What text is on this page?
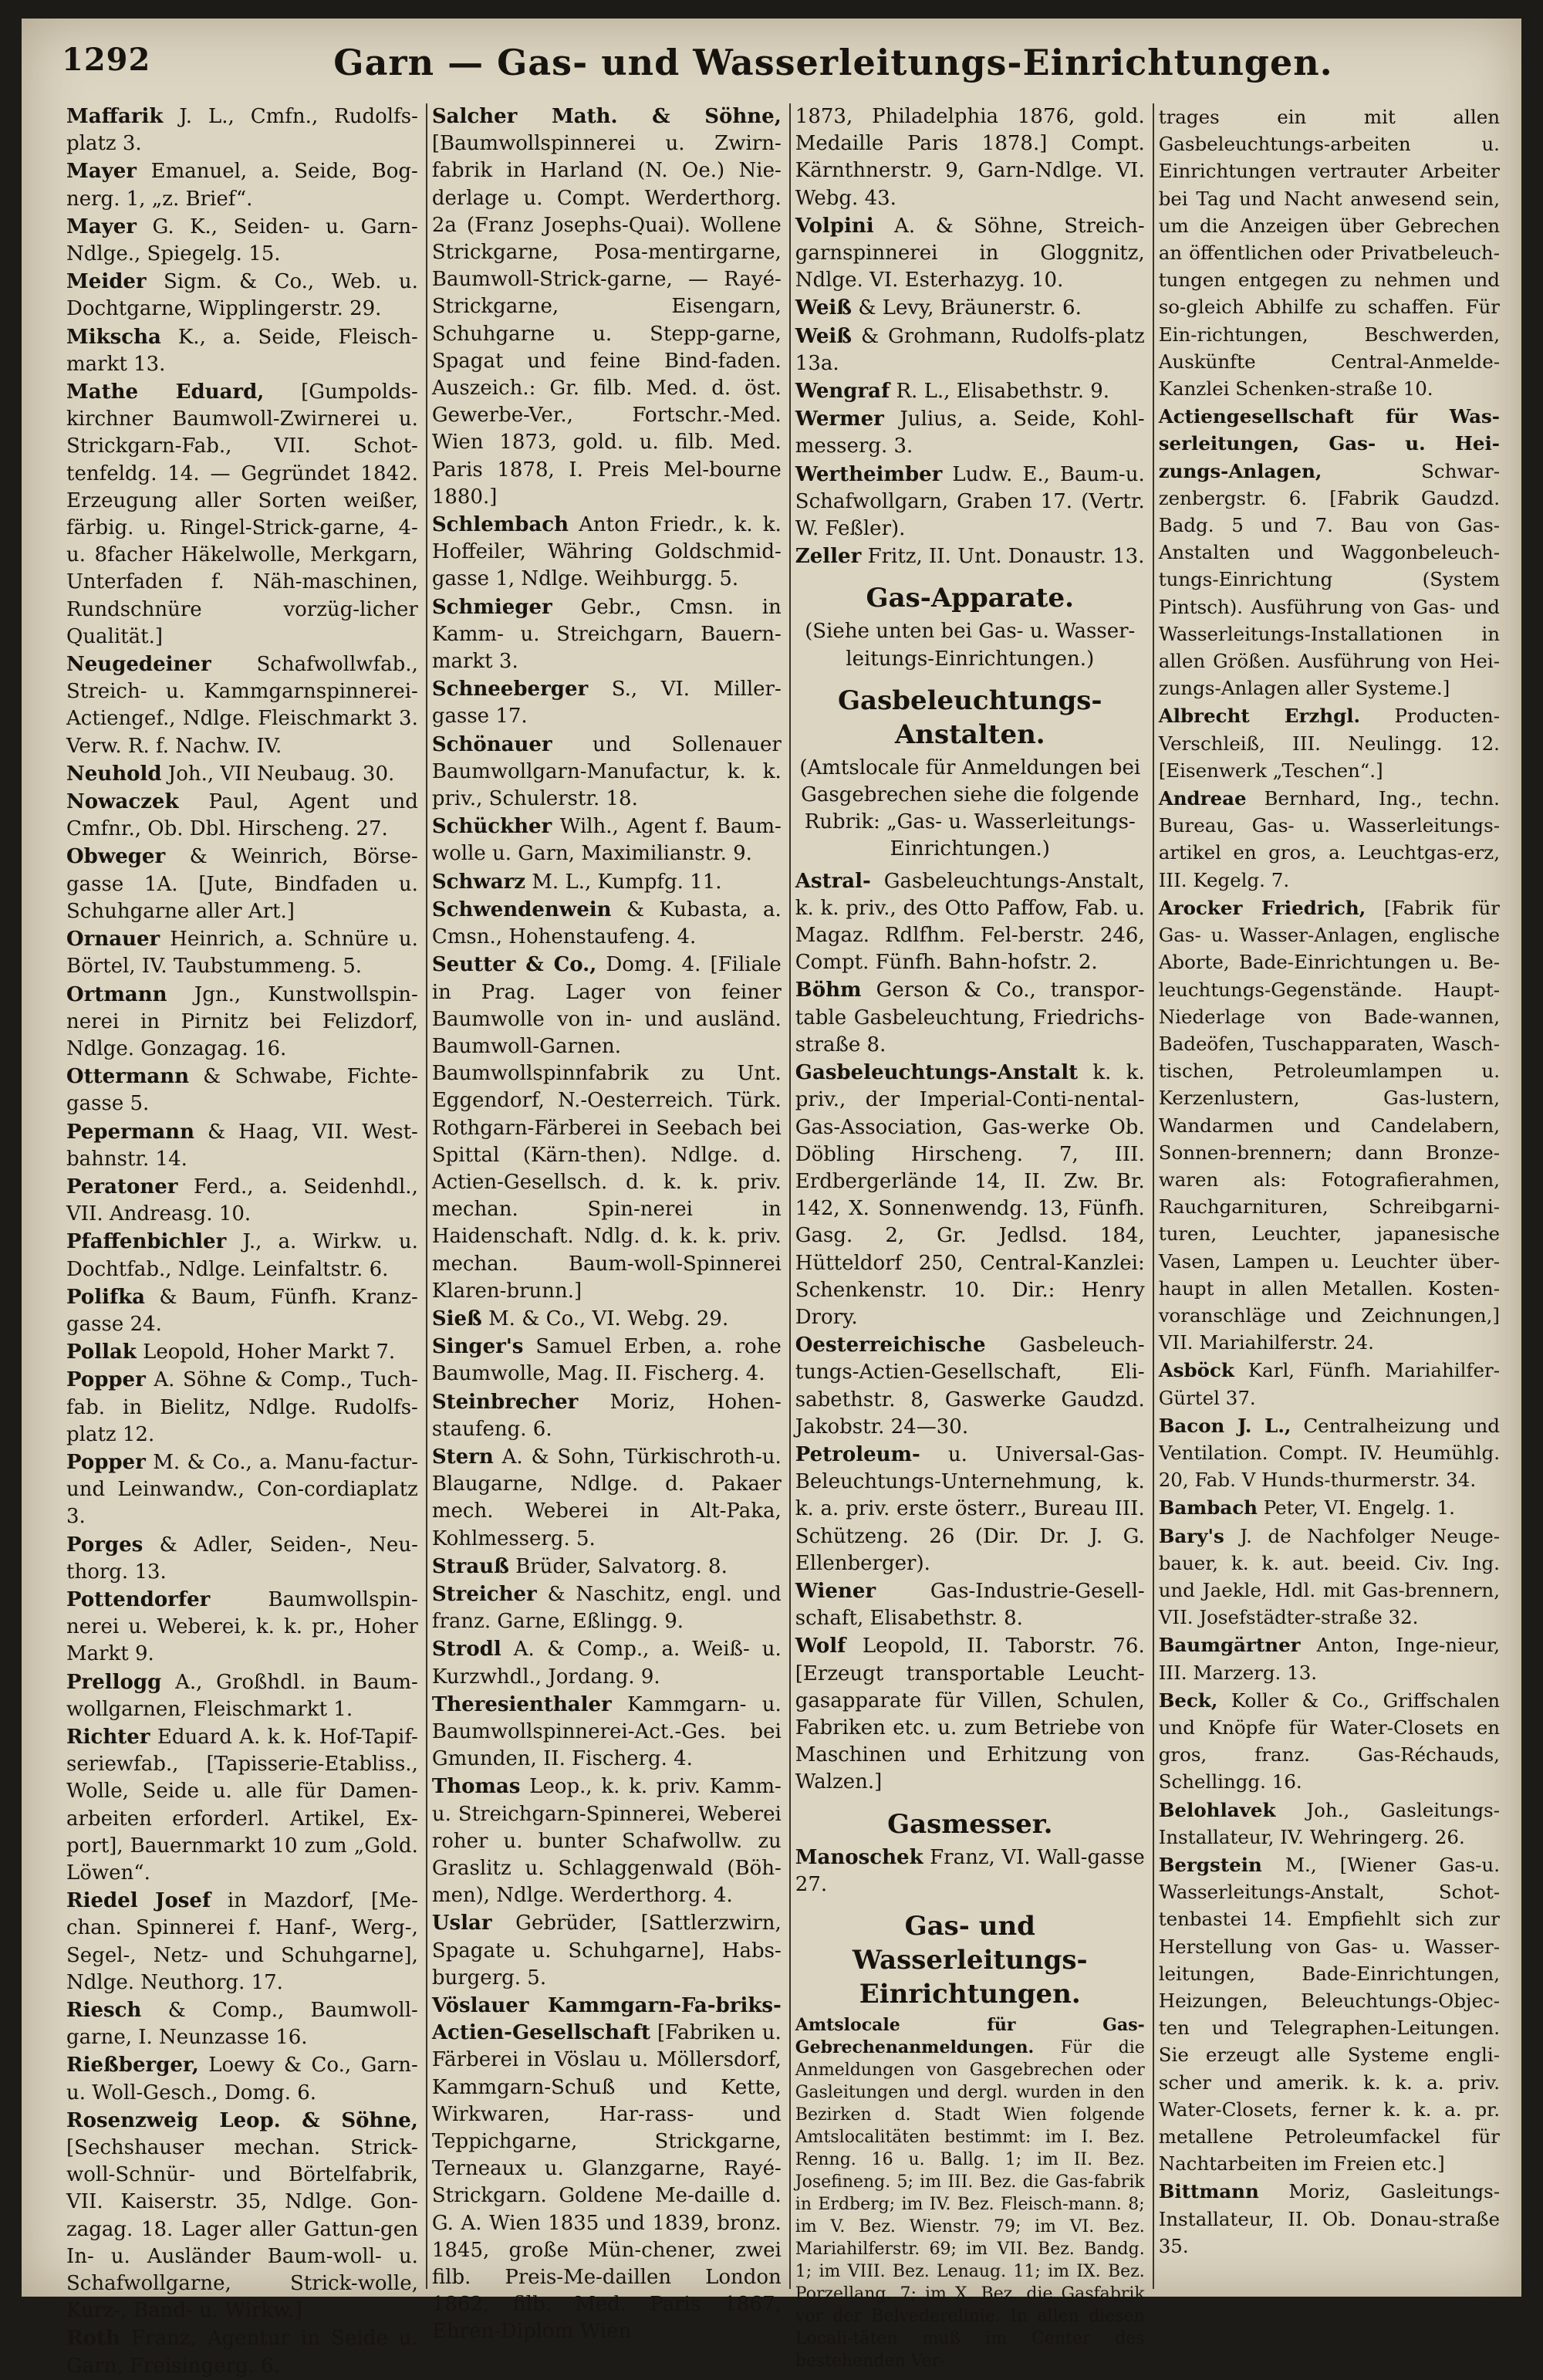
1292	Garn — Gas- und Wasserleitungs-Einrichtungen.
Maffarik J. L., Cmfn., Rudolfs-platz 3.
Mayer Emanuel, a. Seide, Bog-nerg. 1, „z. Brief“.
Mayer G. K., Seiden- u. Garn-Ndlge., Spiegelg. 15.
Meider Sigm. & Co., Web. u. Dochtgarne, Wipplingerstr. 29.
Mikscha K., a. Seide, Fleisch-markt 13.
Mathe Eduard, [Gumpolds-kirchner Baumwoll-Zwirnerei u. Strickgarn-Fab., VII. Schot-tenfeldg. 14. — Gegründet 1842. Erzeugung aller Sorten weißer, färbig. u. Ringel-Strick-garne, 4- u. 8facher Häkelwolle, Merkgarn, Unterfaden f. Näh-maschinen, Rundschnüre vorzüg-licher Qualität.]
Neugedeiner Schafwollwfab., Streich- u. Kammgarnspinnerei-Actiengef., Ndlge. Fleischmarkt 3. Verw. R. f. Nachw. IV.
Neuhold Joh., VII Neubaug. 30.
Nowaczek Paul, Agent und Cmfnr., Ob. Dbl. Hirscheng. 27.
Obweger & Weinrich, Börse-gasse 1A. [Jute, Bindfaden u. Schuhgarne aller Art.]
Ornauer Heinrich, a. Schnüre u. Börtel, IV. Taubstummeng. 5.
Ortmann Jgn., Kunstwollspin-nerei in Pirnitz bei Felizdorf, Ndlge. Gonzagag. 16.
Ottermann & Schwabe, Fichte-gasse 5.
Pepermann & Haag, VII. West-bahnstr. 14.
Peratoner Ferd., a. Seidenhdl., VII. Andreasg. 10.
Pfaffenbichler J., a. Wirkw. u. Dochtfab., Ndlge. Leinfaltstr. 6.
Polifka & Baum, Fünfh. Kranz-gasse 24.
Pollak Leopold, Hoher Markt 7.
Popper A. Söhne & Comp., Tuch-fab. in Bielitz, Ndlge. Rudolfs-platz 12.
Popper M. & Co., a. Manu-factur- und Leinwandw., Con-cordiaplatz 3.
Porges & Adler, Seiden-, Neu-thorg. 13.
Pottendorfer	Baumwollspin-nerei u. Weberei, k. k. pr., Hoher Markt 9.
Prellogg A., Großhdl. in Baum-wollgarnen, Fleischmarkt 1.
Richter Eduard A. k. k. Hof-Tapif-seriewfab., [Tapisserie-Etabliss., Wolle, Seide u. alle für Damen-arbeiten erforderl. Artikel, Ex-port], Bauernmarkt 10 zum „Gold. Löwen“.
Riedel Josef in Mazdorf, [Me-chan. Spinnerei f. Hanf-, Werg-, Segel-, Netz- und Schuhgarne], Ndlge. Neuthorg. 17.
Riesch & Comp., Baumwoll-garne, I. Neunzasse 16.
Rießberger, Loewy & Co., Garn- u. Woll-Gesch., Domg. 6.
Rosenzweig Leop. & Söhne, [Sechshauser mechan. Strick-woll-Schnür- und Börtelfabrik, VII. Kaiserstr. 35, Ndlge. Gon-zagag. 18. Lager aller Gattun-gen In- u. Ausländer Baum-woll- u. Schafwollgarne, Strick-wolle, Kurz-, Band- u. Wirkw.]
Roth Franz, Agentur in Seide u. Garn, Freisingerg. 6.
Salcher Math. & Söhne, [Baumwollspinnerei u. Zwirn-fabrik in Harland (N. Oe.) Nie-derlage u. Compt. Werderthorg. 2a (Franz Josephs-Quai). Wollene Strickgarne, Posa-mentirgarne, Baumwoll-Strick-garne, — Rayé-Strickgarne, Eisengarn, Schuhgarne u. Stepp-garne, Spagat und feine Bind-faden. Auszeich.: Gr. filb. Med. d. öst. Gewerbe-Ver., Fortschr.-Med. Wien 1873, gold. u. filb. Med. Paris 1878, I. Preis Mel-bourne 1880.]
Schlembach Anton Friedr., k. k. Hoffeiler, Währing Goldschmid-gasse 1, Ndlge. Weihburgg. 5.
Schmieger Gebr., Cmsn. in Kamm- u. Streichgarn, Bauern-markt 3.
Schneeberger S., VI. Miller-gasse 17.
Schönauer und Sollenauer Baumwollgarn-Manufactur, k. k. priv., Schulerstr. 18.
Schückher Wilh., Agent f. Baum-wolle u. Garn, Maximilianstr. 9.
Schwarz M. L., Kumpfg. 11.
Schwendenwein & Kubasta, a. Cmsn., Hohenstaufeng. 4.
Seutter & Co., Domg. 4. [Filiale in Prag. Lager von feiner Baumwolle von in- und ausländ. Baumwoll-Garnen. Baumwollspinnfabrik zu Unt. Eggendorf, N.-Oesterreich. Türk. Rothgarn-Färberei in Seebach bei Spittal (Kärn-then). Ndlge. d. Actien-Gesellsch. d. k. k. priv. mechan. Spin-nerei in Haidenschaft. Ndlg. d. k. k. priv. mechan. Baum-woll-Spinnerei Klaren-brunn.]
Sieß M. & Co., VI. Webg. 29.
Singer's Samuel Erben, a. rohe Baumwolle, Mag. II. Fischerg. 4.
Steinbrecher Moriz, Hohen-staufeng. 6.
Stern A. & Sohn, Türkischroth-u. Blaugarne, Ndlge. d. Pakaer mech. Weberei in Alt-Paka, Kohlmesserg. 5.
Strauß Brüder, Salvatorg. 8.
Streicher & Naschitz, engl. und franz. Garne, Eßlingg. 9.
Strodl A. & Comp., a. Weiß- u. Kurzwhdl., Jordang. 9.
Theresienthaler Kammgarn- u. Baumwollspinnerei-Act.-Ges. bei Gmunden, II. Fischerg. 4.
Thomas Leop., k. k. priv. Kamm- u. Streichgarn-Spinnerei, Weberei roher u. bunter Schafwollw. zu Graslitz u. Schlaggenwald (Böh-men), Ndlge. Werderthorg. 4.
Uslar Gebrüder, [Sattlerzwirn, Spagate u. Schuhgarne], Habs-burgerg. 5.
Vöslauer Kammgarn-Fa-briks-Actien-Gesellschaft [Fabriken u. Färberei in Vöslau u. Möllersdorf, Kammgarn-Schuß und Kette, Wirkwaren, Har-rass- und Teppichgarne, Strickgarne, Terneaux u. Glanzgarne, Rayé-Strickgarn. Goldene Me-daille d. G. A. Wien 1835 und 1839, bronz. 1845, große Mün-chener, zwei filb. Preis-Me-daillen London 1862, filb. Med. Paris 1867, Ehren-Diplom Wien
1873, Philadelphia 1876, gold. Medaille Paris 1878.] Compt. Kärnthnerstr. 9, Garn-Ndlge. VI. Webg. 43.
Volpini A. & Söhne, Streich-garnspinnerei in Gloggnitz, Ndlge. VI. Esterhazyg. 10.
Weiß & Levy, Bräunerstr. 6.
Weiß & Grohmann, Rudolfs-platz 13a.
Wengraf R. L., Elisabethstr. 9.
Wermer Julius, a. Seide, Kohl-messerg. 3.
Wertheimber Ludw. E., Baum-u. Schafwollgarn, Graben 17. (Vertr. W. Feßler).
Zeller Fritz, II. Unt. Donaustr. 13.
Gas-Apparate.
(Siehe unten bei Gas- u. Wasser-leitungs-Einrichtungen.)
Gasbeleuchtungs-Anstalten.
(Amtslocale für Anmeldungen bei Gasgebrechen siehe die folgende Rubrik: „Gas- u. Wasserleitungs-Einrichtungen.)
Astral- Gasbeleuchtungs-Anstalt, k. k. priv., des Otto Paffow, Fab. u. Magaz. Rdlfhm. Fel-berstr. 246, Compt. Fünfh. Bahn-hofstr. 2.
Böhm Gerson & Co., transpor-table Gasbeleuchtung, Friedrichs-straße 8.
Gasbeleuchtungs-Anstalt k. k. priv., der Imperial-Conti-nental-Gas-Association, Gas-werke Ob. Döbling Hirscheng. 7, III. Erdbergerlände 14, II. Zw. Br. 142, X. Sonnenwendg. 13, Fünfh. Gasg. 2, Gr. Jedlsd. 184, Hütteldorf 250, Central-Kanzlei: Schenkenstr. 10. Dir.: Henry Drory.
Oesterreichische Gasbeleuch-tungs-Actien-Gesellschaft, Eli-sabethstr. 8, Gaswerke Gaudzd. Jakobstr. 24—30.
Petroleum- u. Universal-Gas-Beleuchtungs-Unternehmung, k. k. a. priv. erste österr., Bureau III. Schützeng. 26 (Dir. Dr. J. G. Ellenberger).
Wiener	Gas-Industrie-Gesell-schaft, Elisabethstr. 8.
Wolf Leopold, II. Taborstr. 76. [Erzeugt transportable Leucht-gasapparate für Villen, Schulen, Fabriken etc. u. zum Betriebe von Maschinen und Erhitzung von Walzen.]
Gasmesser.
Manoschek Franz, VI. Wall-gasse 27.
Gas- und Wasserleitungs-Einrichtungen.
Amtslocale für Gas-Gebrechenanmeldungen. Für die Anmeldungen von Gasgebrechen oder Gasleitungen und dergl. wurden in den Bezirken d. Stadt Wien folgende Amtslocalitäten bestimmt: im I. Bez. Renng. 16 u. Ballg. 1; im II. Bez. Josefineng. 5; im III. Bez. die Gas-fabrik in Erdberg; im IV. Bez. Fleisch-mann. 8; im V. Bez. Wienstr. 79; im VI. Bez. Mariahilferstr. 69; im VII. Bez. Bandg. 1; im VIII. Bez. Lenaug. 11; im IX. Bez. Porzellang. 7; im X. Bez. die Gasfabrik vor der Belvederelinie. In allen diesen Locali-täten muß im Center des bestehenden Ver-
trages ein mit allen Gasbeleuchtungs-arbeiten u. Einrichtungen vertrauter Arbeiter bei Tag und Nacht anwesend sein, um die Anzeigen über Gebrechen an öffentlichen oder Privatbeleuch-tungen entgegen zu nehmen und so-gleich Abhilfe zu schaffen. Für Ein-richtungen, Beschwerden, Auskünfte Central-Anmelde-Kanzlei Schenken-straße 10.
Actiengesellschaft für Was-serleitungen, Gas- u. Hei-zungs-Anlagen,	Schwar-zenbergstr. 6. [Fabrik Gaudzd. Badg. 5 und 7. Bau von Gas-Anstalten und Waggonbeleuch-tungs-Einrichtung (System Pintsch). Ausführung von Gas- und Wasserleitungs-Installationen in allen Größen. Ausführung von Hei-zungs-Anlagen aller Systeme.]
Albrecht Erzhgl. Producten-Verschleiß, III. Neulingg. 12. [Eisenwerk „Teschen“.]
Andreae Bernhard, Ing., techn. Bureau, Gas- u. Wasserleitungs-artikel en gros, a. Leuchtgas-erz, III. Kegelg. 7.
Arocker Friedrich, [Fabrik für Gas- u. Wasser-Anlagen, englische Aborte, Bade-Einrichtungen u. Be-leuchtungs-Gegenstände. Haupt-Niederlage von Bade-wannen, Badeöfen, Tuschapparaten, Wasch-tischen, Petroleumlampen u. Kerzenlustern, Gas-lustern, Wandarmen und Candelabern, Sonnen-brennern; dann Bronze-waren als: Fotografierahmen, Rauchgarnituren, Schreibgarni-turen, Leuchter, japanesische Vasen, Lampen u. Leuchter über-haupt in allen Metallen. Kosten-voranschläge und Zeichnungen,] VII. Mariahilferstr. 24.
Asböck Karl, Fünfh. Mariahilfer-Gürtel 37.
Bacon J. L., Centralheizung und Ventilation. Compt. IV. Heumühlg. 20, Fab. V Hunds-thurmerstr. 34.
Bambach Peter, VI. Engelg. 1.
Bary's J. de Nachfolger Neuge-bauer, k. k. aut. beeid. Civ. Ing. und Jaekle, Hdl. mit Gas-brennern, VII. Josefstädter-straße 32.
Baumgärtner Anton, Inge-nieur, III. Marzerg. 13.
Beck, Koller & Co., Griffschalen und Knöpfe für Water-Closets en gros, franz. Gas-Réchauds, Schellingg. 16.
Belohlavek Joh., Gasleitungs-Installateur, IV. Wehringerg. 26.
Bergstein M., [Wiener Gas-u. Wasserleitungs-Anstalt, Schot-tenbastei 14. Empfiehlt sich zur Herstellung von Gas- u. Wasser-leitungen, Bade-Einrichtungen, Heizungen, Beleuchtungs-Objec-ten und Telegraphen-Leitungen. Sie erzeugt alle Systeme engli-scher und amerik. k. k. a. priv. Water-Closets, ferner k. k. a. pr. metallene Petroleumfackel für Nachtarbeiten im Freien etc.]
Bittmann Moriz, Gasleitungs-Installateur, II. Ob. Donau-straße 35.
